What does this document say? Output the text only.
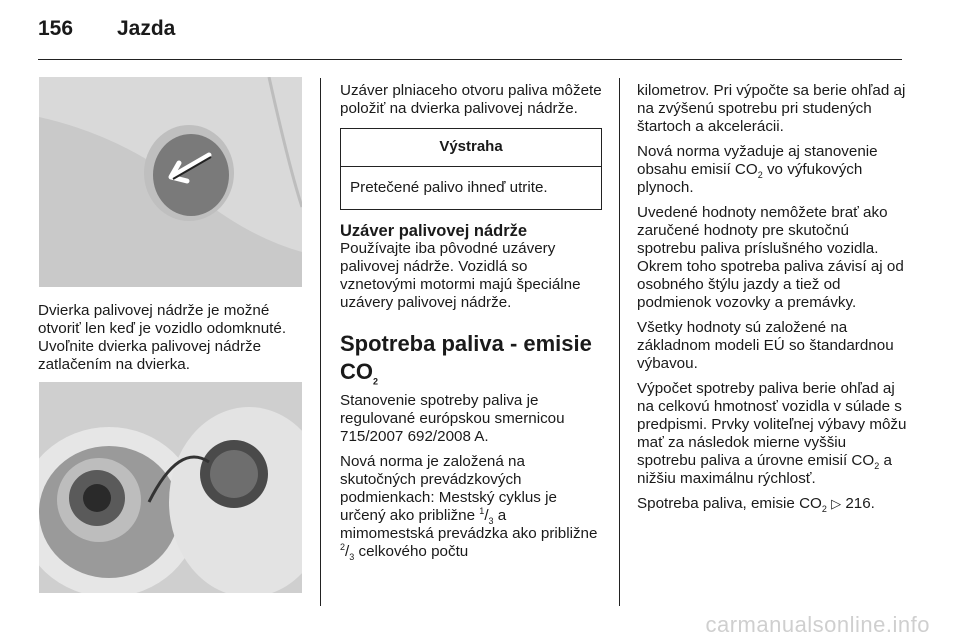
156 Jazda

Dvierka palivovej nádrže je možné otvoriť len keď je vozidlo odomknuté. Uvoľnite dvierka palivovej nádrže zatlačením na dvierka.

Uzáver plniaceho otvoru paliva môžete položiť na dvierka palivovej nádrže.

Výstraha
Pretečené palivo ihneď utrite.
Uzáver palivovej nádrže

Používajte iba pôvodné uzávery palivovej nádrže. Vozidlá so vznetovými motormi majú špeciálne uzávery palivovej nádrže.

Spotreba paliva - emisie $CO_2$

Stanovenie spotreby paliva je regulované európskou smernicou 715/2007 692/2008 A.

Nová norma je založená na skutočných prevádzkových podmienkach: Mestský cyklus je určený ako približne $^1/_3$ a mimomestská prevádzka ako približne $^2/_3$ celkového počtu

kilometrov. Pri výpočte sa berie ohľad aj na zvýšenú spotrebu pri studených štartoch a akcelerácii.

Nová norma vyžaduje aj stanovenie obsahu emisií $CO_2$ vo výfukových plynoch.

Uvedené hodnoty nemôžete brať ako zaručené hodnoty pre skutočnú spotrebu paliva príslušného vozidla. Okrem toho spotreba paliva závisí aj od osobného štýlu jazdy a tiež od podmienok vozovky a premávky.

Všetky hodnoty sú založené na základnom modeli EÚ so štandardnou výbavou.

Výpočet spotreby paliva berie ohľad aj na celkovú hmotnosť vozidla v súlade s predpismi. Prvky voliteľnej výbavy môžu mať za následok mierne vyššiu spotrebu paliva a úrovne emisií $CO_2$ a nižšiu maximálnu rýchlosť.

Spotreba paliva, emisie $CO_2$ ▷ 216.

carmanualsonline.info
